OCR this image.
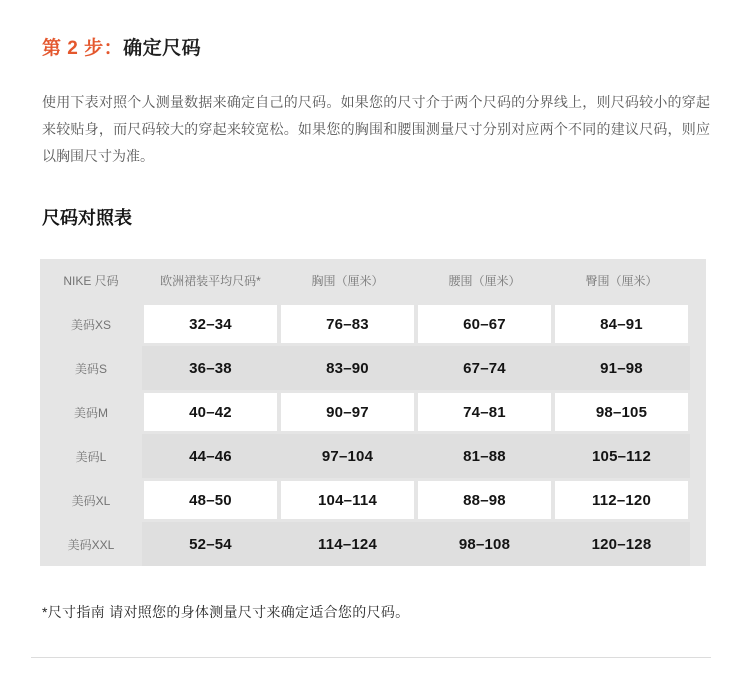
第 2 步：确定尺码

使用下表对照个人测量数据来确定自己的尺码。如果您的尺寸介于两个尺码的分界线上，则尺码较小的穿起来较贴身，而尺码较大的穿起来较宽松。如果您的胸围和腰围测量尺寸分别对应两个不同的建议尺码，则应以胸围尺寸为准。

尺码对照表
NIKE 尺码	欧洲裙装平均尺码*	胸围（厘米）	腰围（厘米）	臀围（厘米）
美码XS	32–34	76–83	60–67	84–91
美码S	36–38	83–90	67–74	91–98
美码M	40–42	90–97	74–81	98–105
美码L	44–46	97–104	81–88	105–112
美码XL	48–50	104–114	88–98	112–120
美码XXL	52–54	114–124	98–108	120–128

*尺寸指南 请对照您的身体测量尺寸来确定适合您的尺码。
